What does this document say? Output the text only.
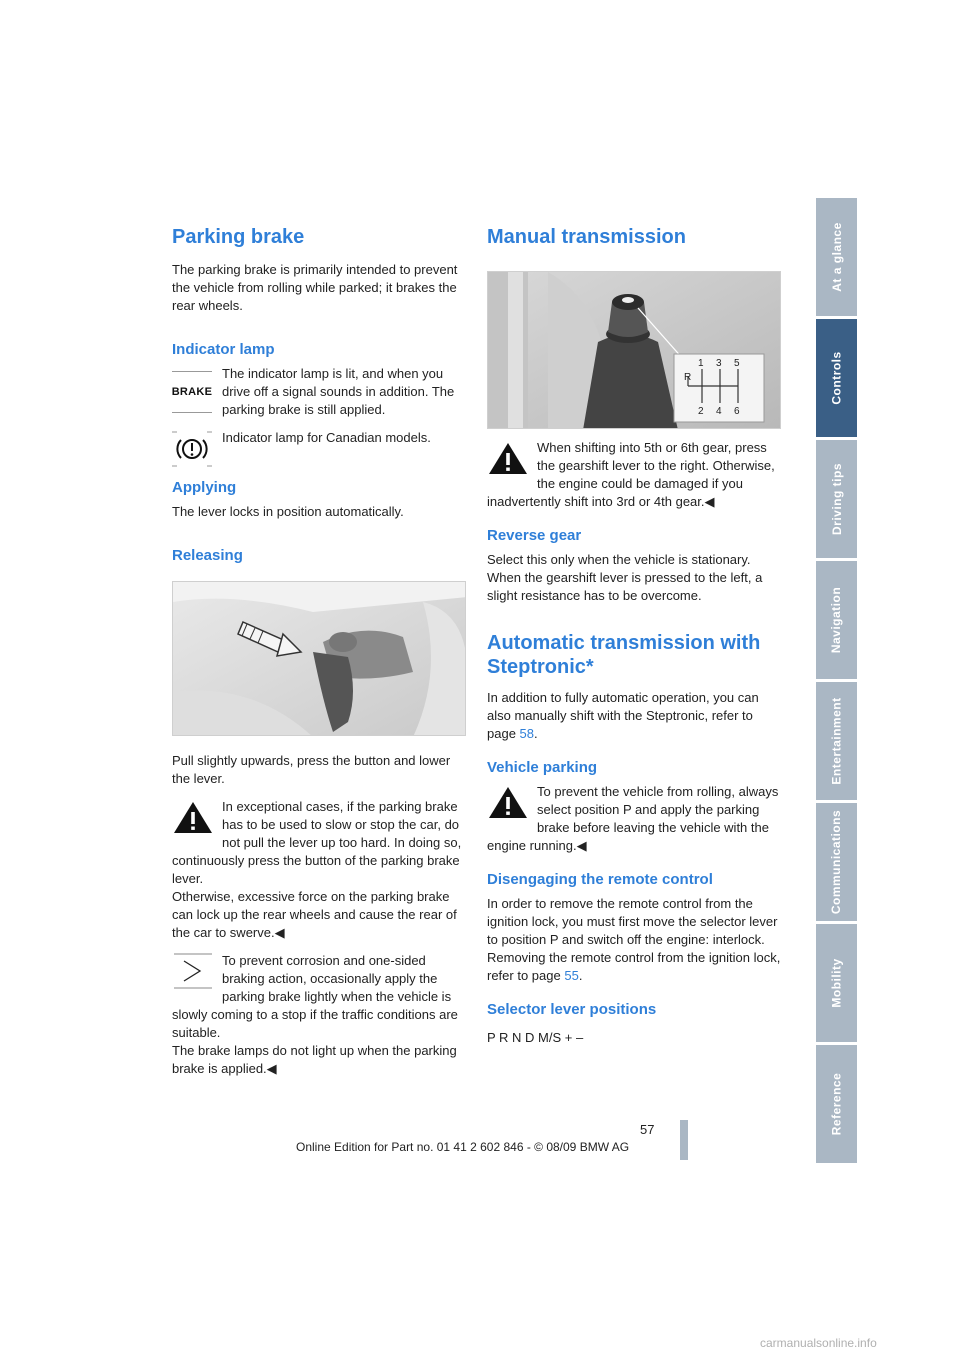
Parking brake

The parking brake is primarily intended to prevent the vehicle from rolling while parked; it brakes the rear wheels.

Indicator lamp
BRAKE

The indicator lamp is lit, and when you drive off a signal sounds in addition. The parking brake is still applied.

Indicator lamp for Canadian models.

Applying

The lever locks in position automatically.

Releasing

Pull slightly upwards, press the button and lower the lever.

In exceptional cases, if the parking brake has to be used to slow or stop the car, do not pull the lever up too hard. In doing so, continuously press the button of the parking brake lever.

Otherwise, excessive force on the parking brake can lock up the rear wheels and cause the rear of the car to swerve.◀

To prevent corrosion and one-sided braking action, occasionally apply the parking brake lightly when the vehicle is slowly coming to a stop if the traffic conditions are suitable.

The brake lamps do not light up when the parking brake is applied.◀

Manual transmission
R
1 3 5
2 4 6

When shifting into 5th or 6th gear, press the gearshift lever to the right. Otherwise, the engine could be damaged if you inadvertently shift into 3rd or 4th gear.◀

Reverse gear

Select this only when the vehicle is stationary. When the gearshift lever is pressed to the left, a slight resistance has to be overcome.

Automatic transmission with Steptronic*

In addition to fully automatic operation, you can also manually shift with the Steptronic, refer to page 58.

Vehicle parking

To prevent the vehicle from rolling, always select position P and apply the parking brake before leaving the vehicle with the engine running.◀

Disengaging the remote control

In order to remove the remote control from the ignition lock, you must first move the selector lever to position P and switch off the engine: interlock. Removing the remote control from the ignition lock, refer to page 55.

Selector lever positions

P R N D M/S + –

At a glance
Controls
Driving tips
Navigation
Entertainment
Communications
Mobility
Reference
57
Online Edition for Part no. 01 41 2 602 846 - © 08/09 BMW AG
carmanualsonline.info
